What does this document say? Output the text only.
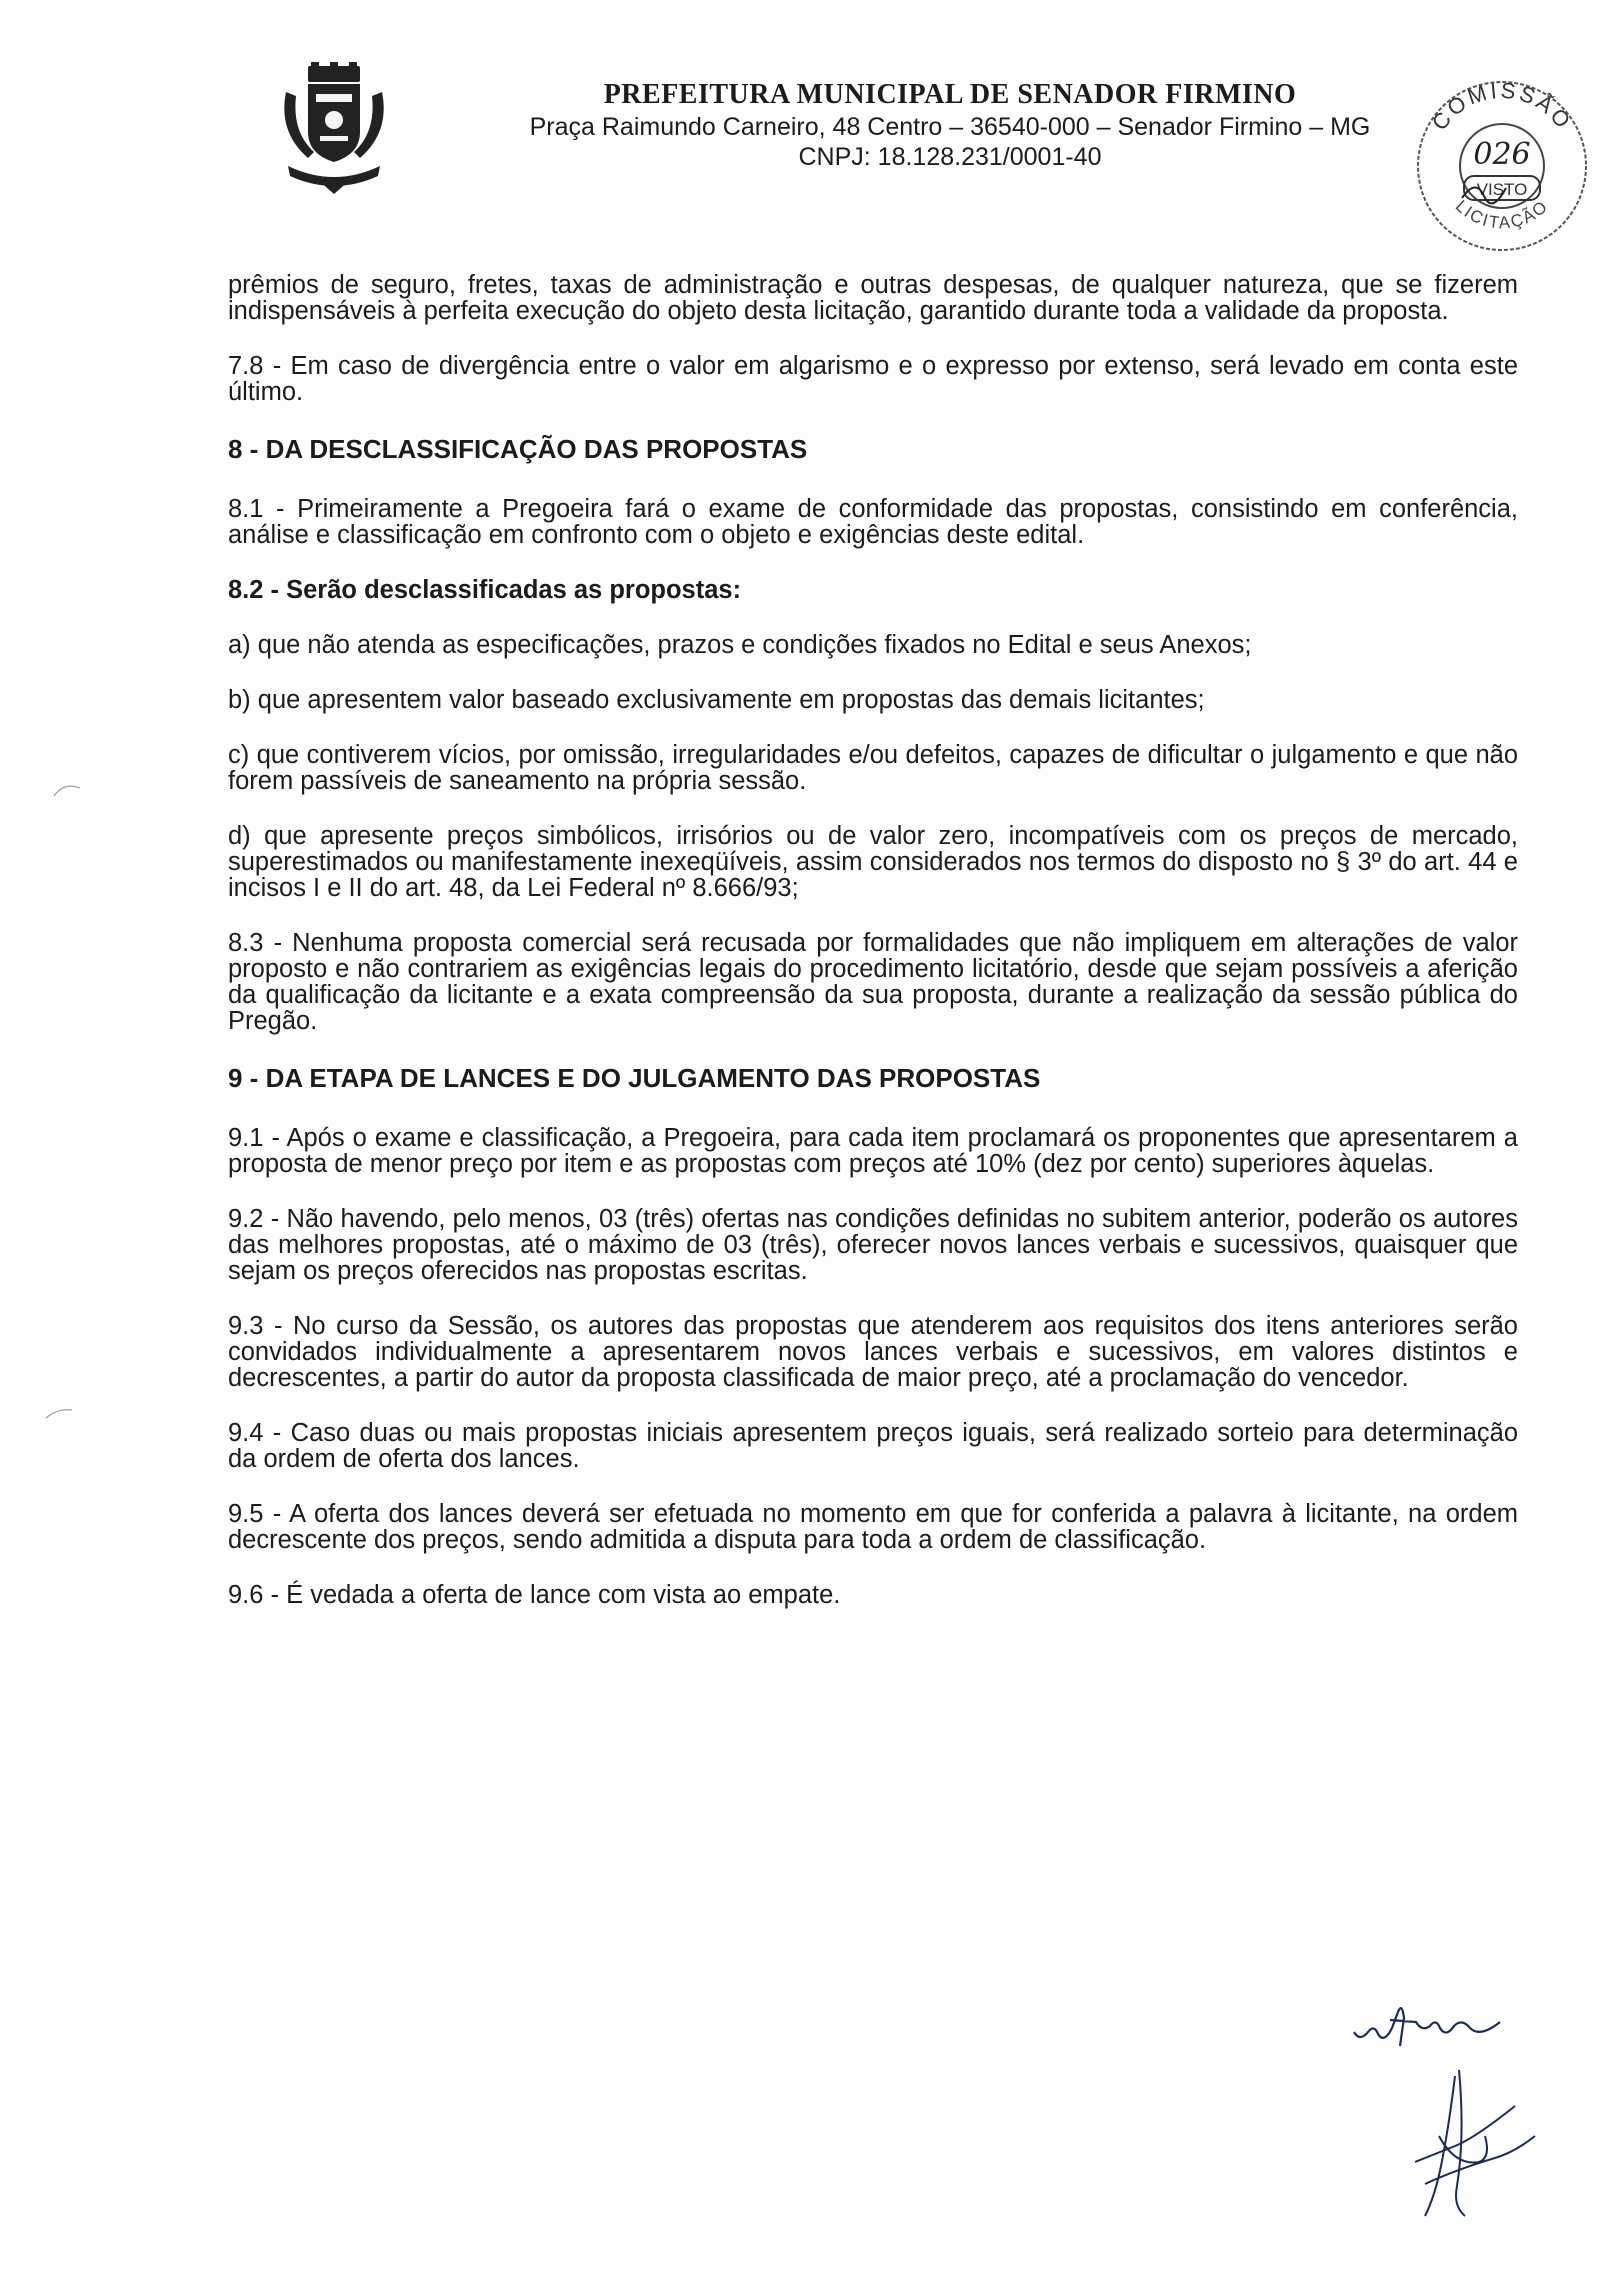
PREFEITURA MUNICIPAL DE SENADOR FIRMINO
Praça Raimundo Carneiro, 48 Centro – 36540-000 – Senador Firmino – MG
CNPJ: 18.128.231/0001-40
COMISSÃO
026
VISTO
LICITAÇÃO

prêmios de seguro, fretes, taxas de administração e outras despesas, de qualquer natureza, que se fizerem indispensáveis à perfeita execução do objeto desta licitação, garantido durante toda a validade da proposta.

7.8 - Em caso de divergência entre o valor em algarismo e o expresso por extenso, será levado em conta este último.

8 - DA DESCLASSIFICAÇÃO DAS PROPOSTAS

8.1 - Primeiramente a Pregoeira fará o exame de conformidade das propostas, consistindo em conferência, análise e classificação em confronto com o objeto e exigências deste edital.

8.2 - Serão desclassificadas as propostas:

a) que não atenda as especificações, prazos e condições fixados no Edital e seus Anexos;

b) que apresentem valor baseado exclusivamente em propostas das demais licitantes;

c) que contiverem vícios, por omissão, irregularidades e/ou defeitos, capazes de dificultar o julgamento e que não forem passíveis de saneamento na própria sessão.

d) que apresente preços simbólicos, irrisórios ou de valor zero, incompatíveis com os preços de mercado, superestimados ou manifestamente inexeqüíveis, assim considerados nos termos do disposto no § 3º do art. 44 e incisos I e II do art. 48, da Lei Federal nº 8.666/93;

8.3 - Nenhuma proposta comercial será recusada por formalidades que não impliquem em alterações de valor proposto e não contrariem as exigências legais do procedimento licitatório, desde que sejam possíveis a aferição da qualificação da licitante e a exata compreensão da sua proposta, durante a realização da sessão pública do Pregão.

9 - DA ETAPA DE LANCES E DO JULGAMENTO DAS PROPOSTAS

9.1 - Após o exame e classificação, a Pregoeira, para cada item proclamará os proponentes que apresentarem a proposta de menor preço por item e as propostas com preços até 10% (dez por cento) superiores àquelas.

9.2 - Não havendo, pelo menos, 03 (três) ofertas nas condições definidas no subitem anterior, poderão os autores das melhores propostas, até o máximo de 03 (três), oferecer novos lances verbais e sucessivos, quaisquer que sejam os preços oferecidos nas propostas escritas.

9.3 - No curso da Sessão, os autores das propostas que atenderem aos requisitos dos itens anteriores serão convidados individualmente a apresentarem novos lances verbais e sucessivos, em valores distintos e decrescentes, a partir do autor da proposta classificada de maior preço, até a proclamação do vencedor.

9.4 - Caso duas ou mais propostas iniciais apresentem preços iguais, será realizado sorteio para determinação da ordem de oferta dos lances.

9.5 - A oferta dos lances deverá ser efetuada no momento em que for conferida a palavra à licitante, na ordem decrescente dos preços, sendo admitida a disputa para toda a ordem de classificação.

9.6 - É vedada a oferta de lance com vista ao empate.
